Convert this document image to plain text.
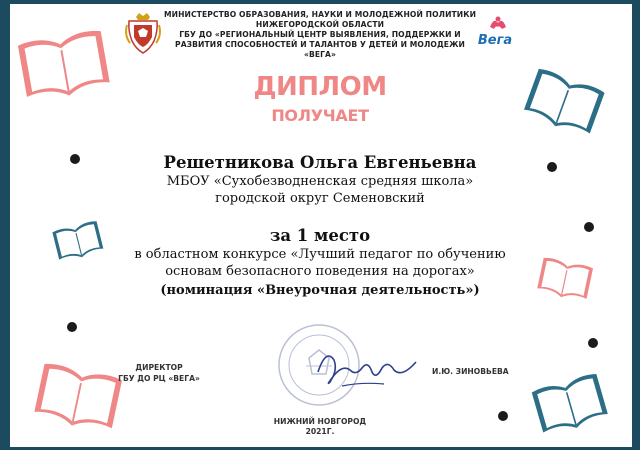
МИНИСТЕРСТВО ОБРАЗОВАНИЯ, НАУКИ И МОЛОДЕЖНОЙ ПОЛИТИКИ
НИЖЕГОРОДСКОЙ ОБЛАСТИ
ГБУ ДО «РЕГИОНАЛЬНЫЙ ЦЕНТР ВЫЯВЛЕНИЯ, ПОДДЕРЖКИ И
РАЗВИТИЯ СПОСОБНОСТЕЙ И ТАЛАНТОВ У ДЕТЕЙ И МОЛОДЕЖИ
«ВЕГА»
Вега
ДИПЛОМ
ПОЛУЧАЕТ
Решетникова Ольга Евгеньевна
МБОУ «Сухобезводненская средняя школа»
городской округ Семеновский
за 1 место
в областном конкурсе «Лучший педагог по обучению
основам безопасного поведения на дорогах»
(номинация «Внеурочная деятельность»)
ДИРЕКТОР
ГБУ ДО РЦ «ВЕГА»
И.Ю. ЗИНОВЬЕВА
НИЖНИЙ НОВГОРОД
2021Г.
